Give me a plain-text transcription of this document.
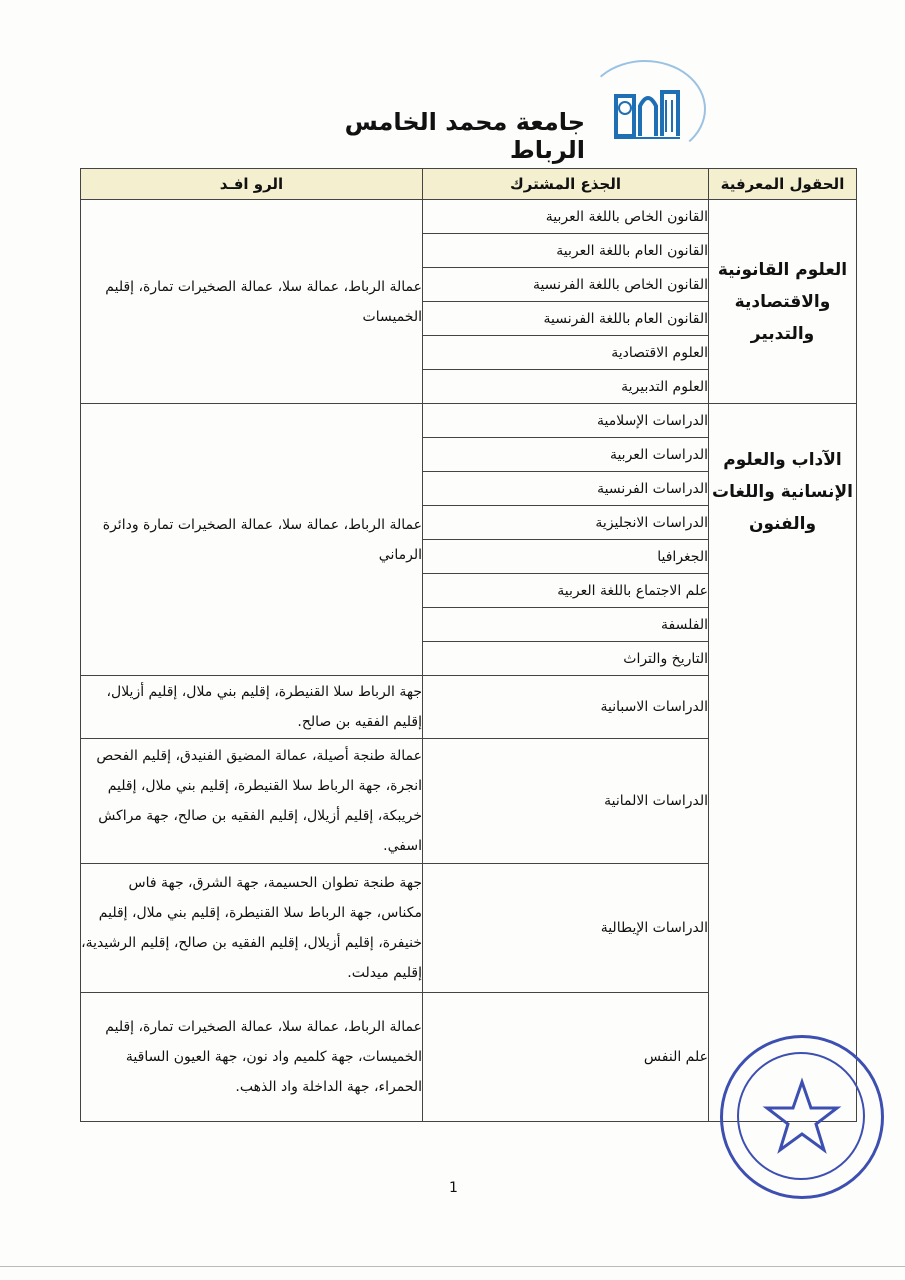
جامعة محمد الخامس الرباط
الحقول المعرفية	الجذع المشترك	الرو افـد
العلوم القانونية والاقتصادية والتدبير	القانون الخاص باللغة العربية	عمالة الرباط، عمالة سلا، عمالة الصخيرات تمارة، إقليم الخميسات
	القانون العام باللغة العربية	
	القانون الخاص باللغة الفرنسية	
	القانون العام باللغة الفرنسية	
	العلوم الاقتصادية	
	العلوم التدبيرية	
الآداب والعلوم الإنسانية واللغات والفنون	الدراسات الإسلامية	عمالة الرباط، عمالة سلا، عمالة الصخيرات تمارة ودائرة الرماني
	الدراسات العربية	
	الدراسات الفرنسية	
	الدراسات الانجليزية	
	الجغرافيا	
	علم الاجتماع باللغة العربية	
	الفلسفة	
	التاريخ والتراث	
	الدراسات الاسبانية	جهة الرباط سلا القنيطرة، إقليم بني ملال، إقليم أزيلال، إقليم الفقيه بن صالح.
	الدراسات الالمانية	عمالة طنجة أصيلة، عمالة المضيق الفنيدق، إقليم الفحص انجرة، جهة الرباط سلا القنيطرة، إقليم بني ملال، إقليم خريبكة، إقليم أزيلال، إقليم الفقيه بن صالح، جهة مراكش اسفي.
	الدراسات الإيطالية	جهة طنجة تطوان الحسيمة، جهة الشرق، جهة فاس مكناس، جهة الرباط سلا القنيطرة، إقليم بني ملال، إقليم خنيفرة، إقليم أزيلال، إقليم الفقيه بن صالح، إقليم الرشيدية، إقليم ميدلت.
	علم النفس	عمالة الرباط، عمالة سلا، عمالة الصخيرات تمارة، إقليم الخميسات، جهة كلميم واد نون، جهة العيون الساقية الحمراء، جهة الداخلة واد الذهب.
1
